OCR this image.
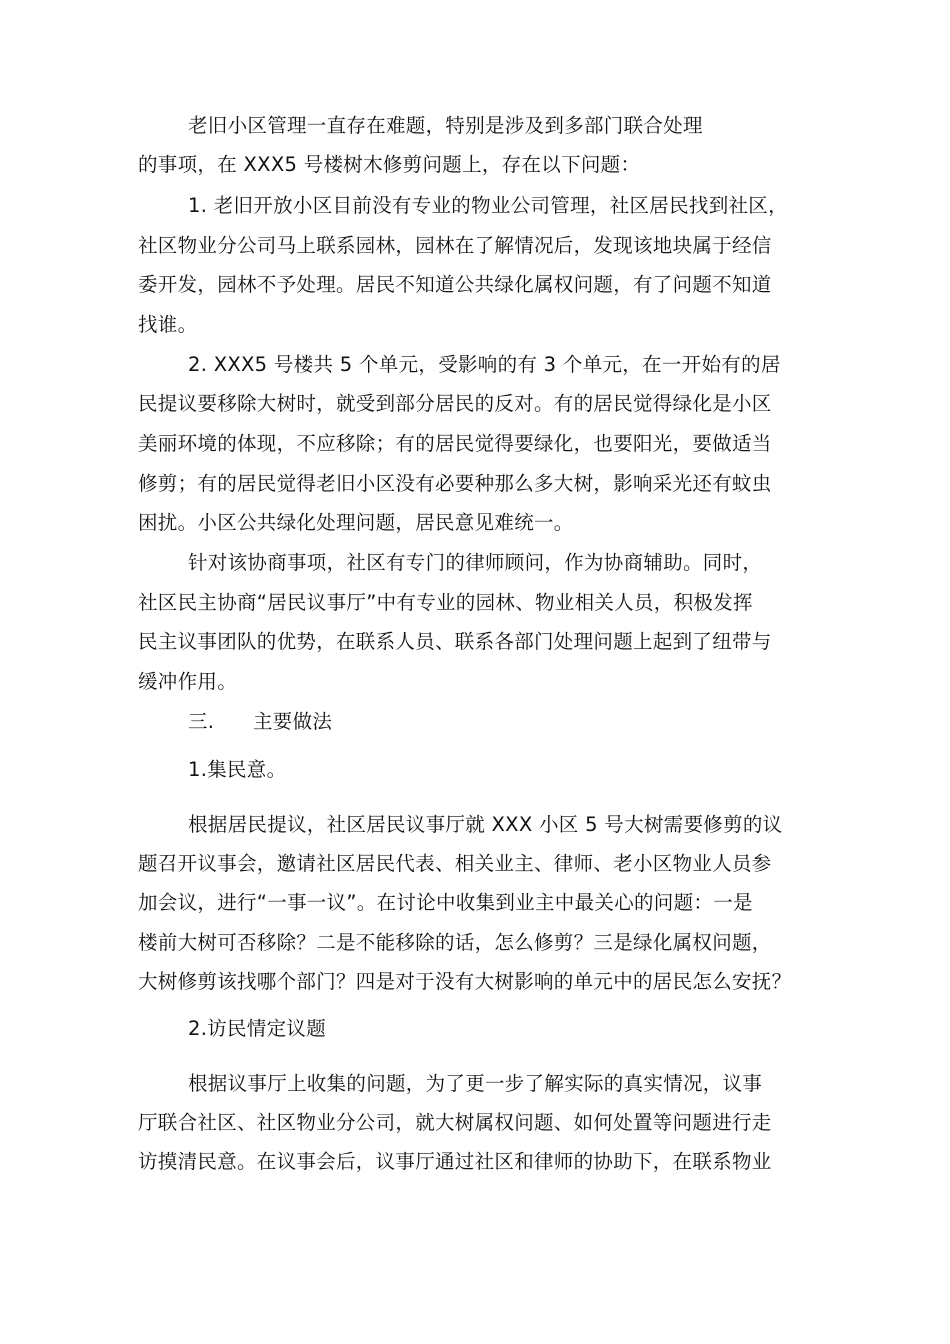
老旧小区管理一直存在难题，特别是涉及到多部门联合处理
的事项，在 XXX5 号楼树木修剪问题上，存在以下问题：
1. 老旧开放小区目前没有专业的物业公司管理，社区居民找到社区，
社区物业分公司马上联系园林，园林在了解情况后，发现该地块属于经信
委开发，园林不予处理。居民不知道公共绿化属权问题，有了问题不知道
找谁。
2. XXX5 号楼共 5 个单元，受影响的有 3 个单元，在一开始有的居
民提议要移除大树时，就受到部分居民的反对。有的居民觉得绿化是小区
美丽环境的体现，不应移除；有的居民觉得要绿化，也要阳光，要做适当
修剪；有的居民觉得老旧小区没有必要种那么多大树，影响采光还有蚊虫
困扰。小区公共绿化处理问题，居民意见难统一。
针对该协商事项，社区有专门的律师顾问，作为协商辅助。同时，
社区民主协商“居民议事厅”中有专业的园林、物业相关人员，积极发挥
民主议事团队的优势，在联系人员、联系各部门处理问题上起到了纽带与
缓冲作用。
三. 主要做法
1.集民意。
根据居民提议，社区居民议事厅就 XXX 小区 5 号大树需要修剪的议
题召开议事会，邀请社区居民代表、相关业主、律师、老小区物业人员参
加会议，进行“一事一议”。在讨论中收集到业主中最关心的问题：一是
楼前大树可否移除？二是不能移除的话，怎么修剪？三是绿化属权问题，
大树修剪该找哪个部门？四是对于没有大树影响的单元中的居民怎么安抚？
2.访民情定议题
根据议事厅上收集的问题，为了更一步了解实际的真实情况，议事
厅联合社区、社区物业分公司，就大树属权问题、如何处置等问题进行走
访摸清民意。在议事会后，议事厅通过社区和律师的协助下，在联系物业
